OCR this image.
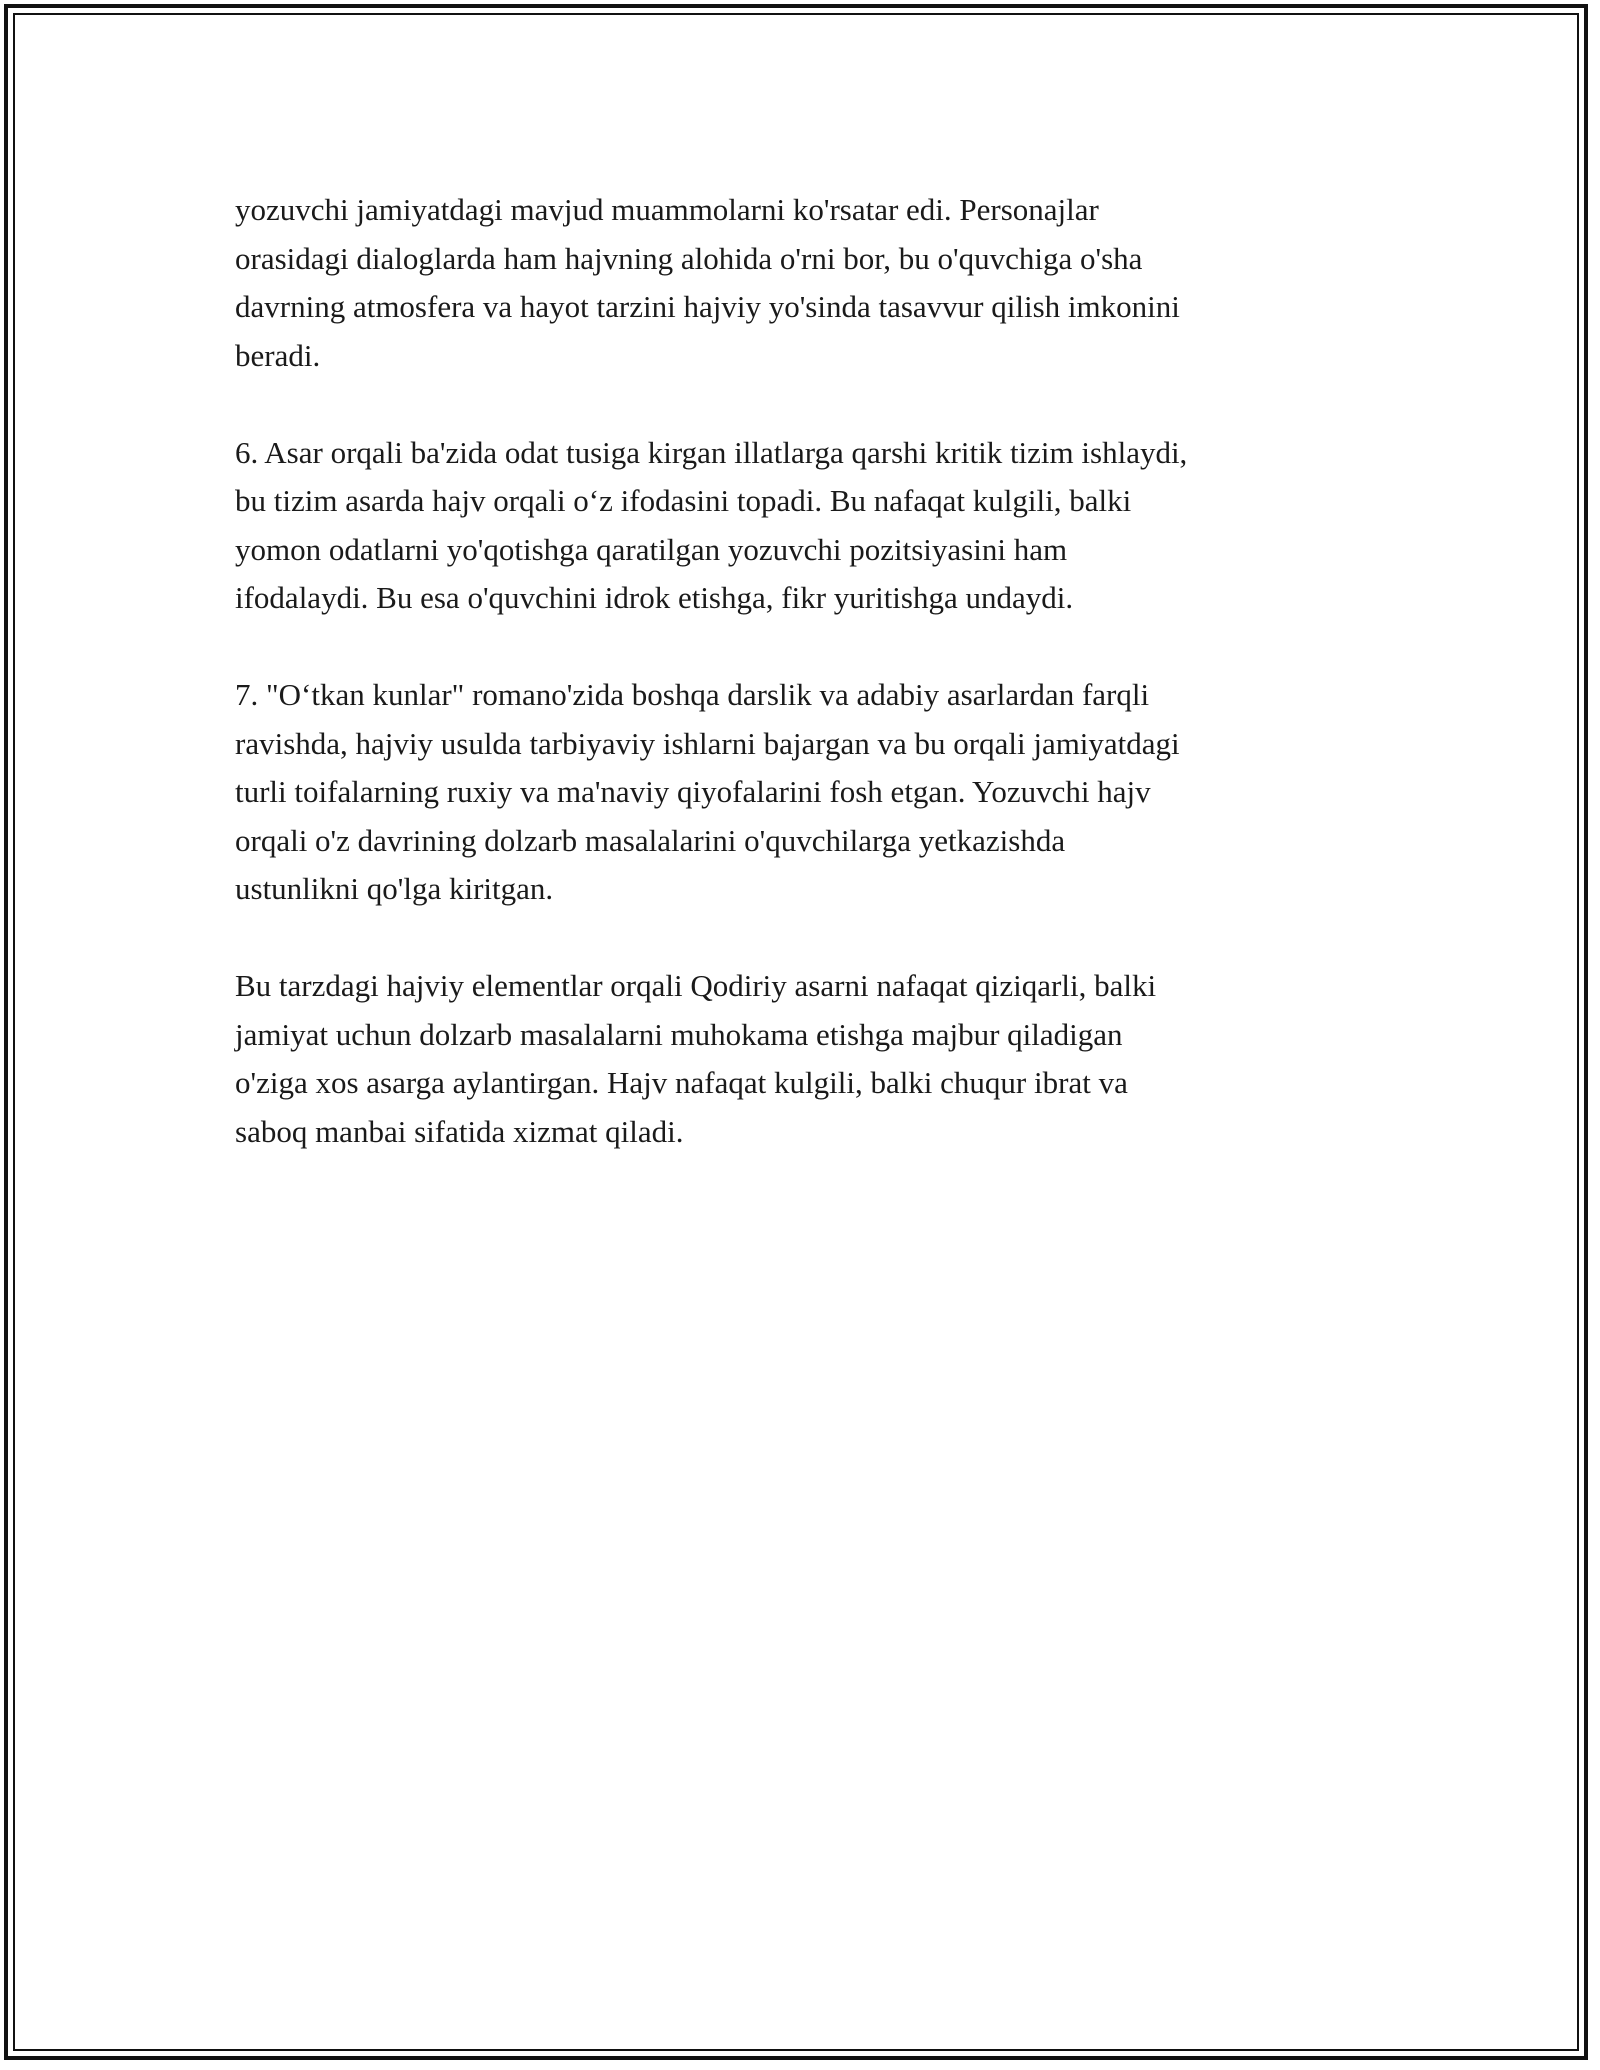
yozuvchi jamiyatdagi mavjud muammolarni ko'rsatar edi. Personajlar
orasidagi dialoglarda ham hajvning alohida o'rni bor, bu o'quvchiga o'sha
davrning atmosfera va hayot tarzini hajviy yo'sinda tasavvur qilish imkonini
beradi.

6. Asar orqali ba'zida odat tusiga kirgan illatlarga qarshi kritik tizim ishlaydi,
bu tizim asarda hajv orqali o‘z ifodasini topadi. Bu nafaqat kulgili, balki
yomon odatlarni yo'qotishga qaratilgan yozuvchi pozitsiyasini ham
ifodalaydi. Bu esa o'quvchini idrok etishga, fikr yuritishga undaydi.

7. "O‘tkan kunlar" romano'zida boshqa darslik va adabiy asarlardan farqli
ravishda, hajviy usulda tarbiyaviy ishlarni bajargan va bu orqali jamiyatdagi
turli toifalarning ruxiy va ma'naviy qiyofalarini fosh etgan. Yozuvchi hajv
orqali o'z davrining dolzarb masalalarini o'quvchilarga yetkazishda
ustunlikni qo'lga kiritgan.

Bu tarzdagi hajviy elementlar orqali Qodiriy asarni nafaqat qiziqarli, balki
jamiyat uchun dolzarb masalalarni muhokama etishga majbur qiladigan
o'ziga xos asarga aylantirgan. Hajv nafaqat kulgili, balki chuqur ibrat va
saboq manbai sifatida xizmat qiladi.
